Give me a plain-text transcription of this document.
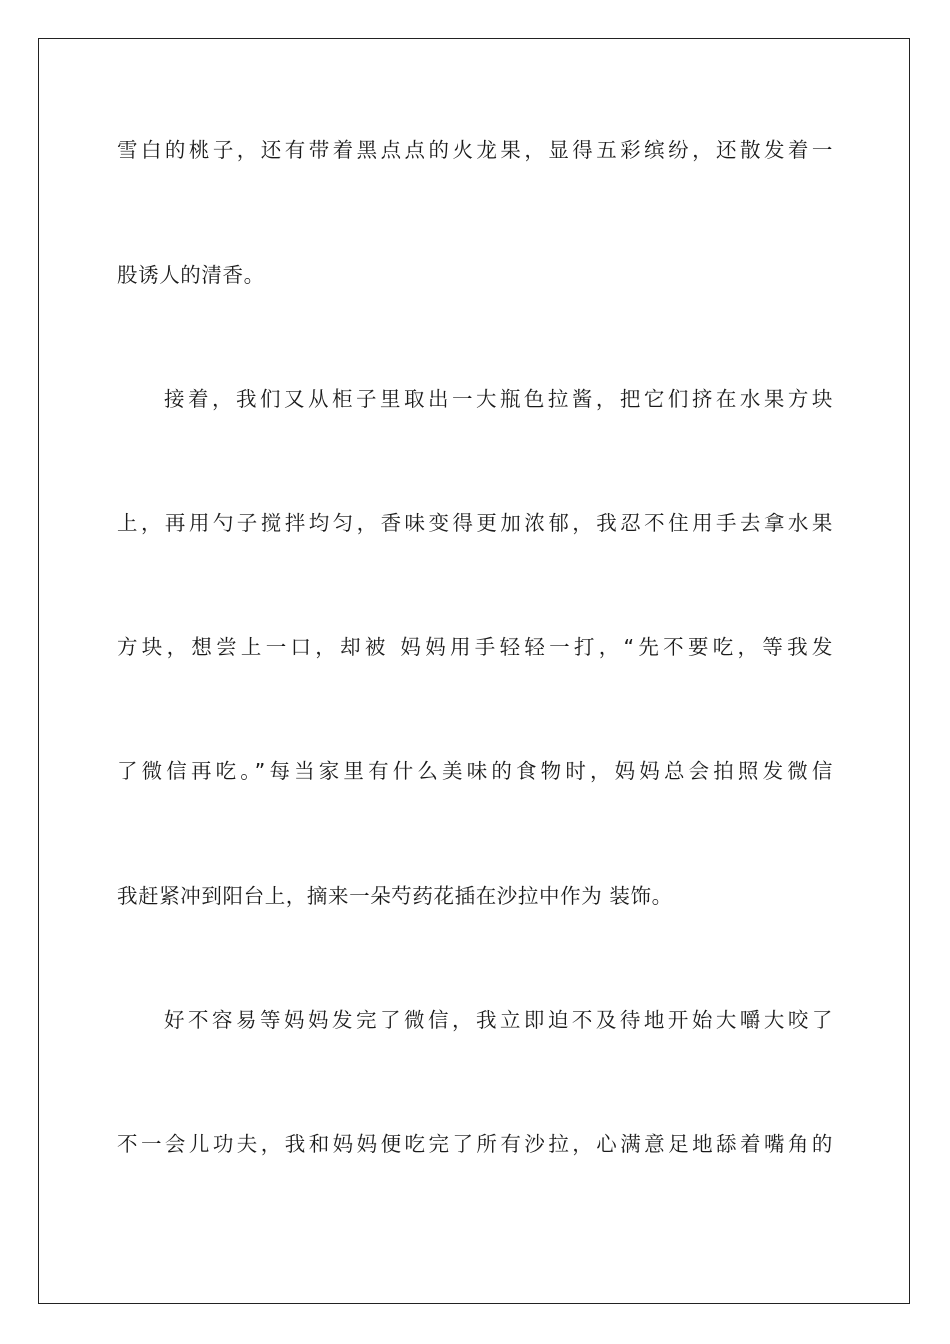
雪白的桃子，还有带着黑点点的火龙果，显得五彩缤纷，还散发着一
股诱人的清香。
接着，我们又从柜子里取出一大瓶色拉酱，把它们挤在水果方块
上，再用勺子搅拌均匀，香味变得更加浓郁，我忍不住用手去拿水果
方块，想尝上一口，却被 妈妈用手轻轻一打，“先不要吃，等我发
了微信再吃。”每当家里有什么美味的食物时，妈妈总会拍照发微信
我赶紧冲到阳台上，摘来一朵芍药花插在沙拉中作为 装饰。
好不容易等妈妈发完了微信，我立即迫不及待地开始大嚼大咬了
不一会儿功夫，我和妈妈便吃完了所有沙拉，心满意足地舔着嘴角的
